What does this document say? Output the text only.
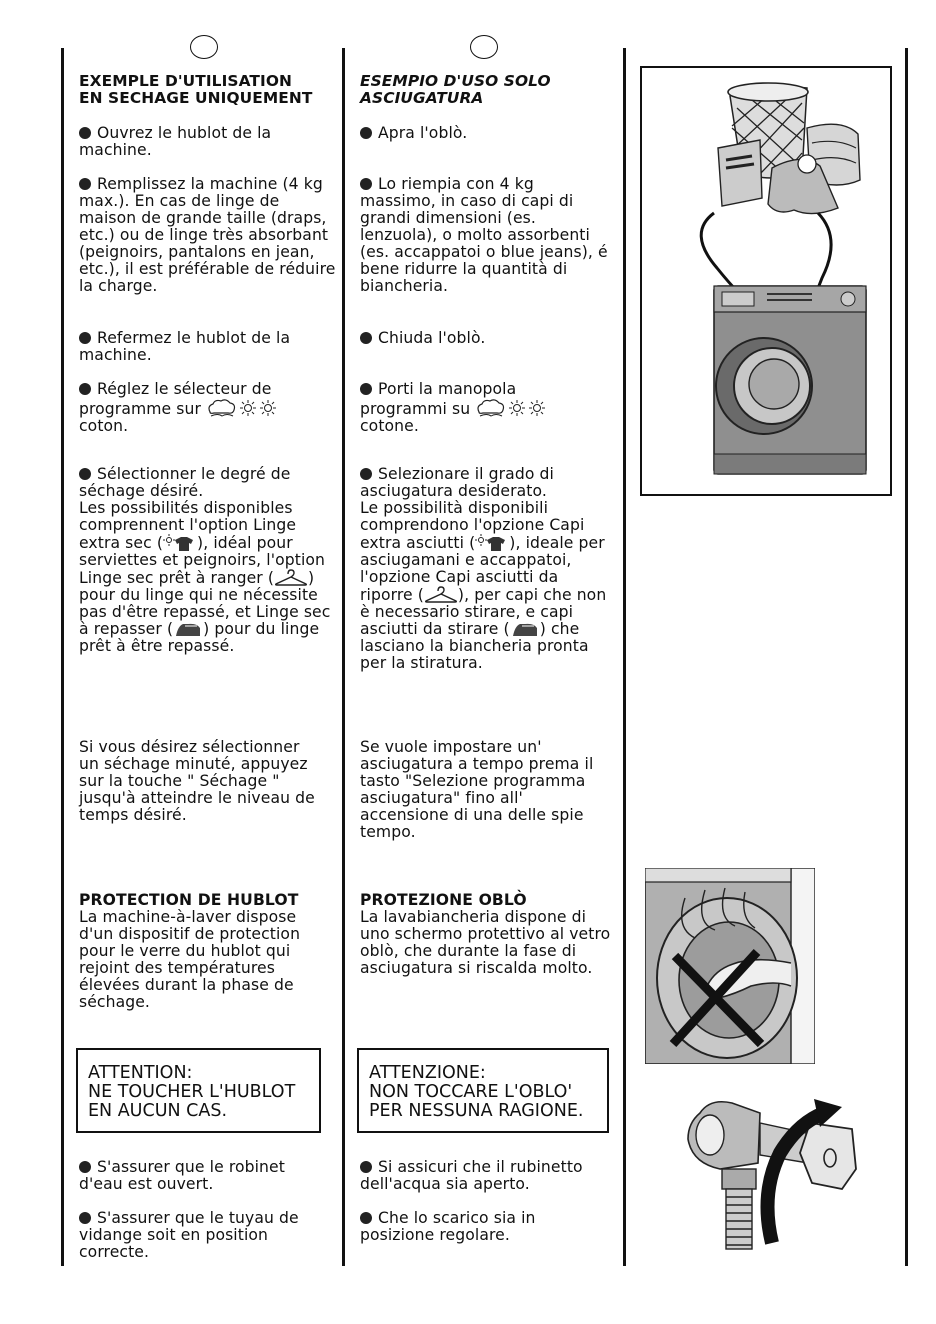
EXEMPLE D'UTILISATION EN SECHAGE UNIQUEMENT

Ouvrez le hublot de la machine.

Remplissez la machine (4 kg max.). En cas de linge de maison de grande taille (draps, etc.) ou de linge très absorbant (peignoirs, pantalons en jean, etc.), il est préférable de réduire la charge.

Refermez le hublot de la machine.

Réglez le sélecteur de programme sur
coton.

Sélectionner le degré de séchage désiré.
Les possibilités disponibles comprennent l'option Linge extra sec ( ), idéal pour serviettes et peignoirs, l'option Linge sec prêt à ranger ( ) pour du linge qui ne nécessite pas d'être repassé, et Linge sec à repasser ( ) pour du linge prêt à être repassé.

Si vous désirez sélectionner un séchage minuté, appuyez sur la touche " Séchage " jusqu'à atteindre le niveau de temps désiré.

PROTECTION DE HUBLOT
La machine-à-laver dispose d'un dispositif de protection pour le verre du hublot qui rejoint des températures élevées durant la phase de séchage.

S'assurer que le robinet d'eau est ouvert.

S'assurer que le tuyau de vidange soit en position correcte.

ATTENTION:
NE TOUCHER L'HUBLOT
EN AUCUN CAS.
ESEMPIO D'USO SOLO ASCIUGATURA

Apra l'oblò.

Lo riempia con 4 kg massimo, in caso di capi di grandi dimensioni (es. lenzuola), o molto assorbenti (es. accappatoi o blue jeans), é bene ridurre la quantità di biancheria.

Chiuda l'oblò.

Porti la manopola programmi su
cotone.

Selezionare il grado di asciugatura desiderato.
Le possibilità disponibili comprendono l'opzione Capi extra asciutti ( ), ideale per asciugamani e accappatoi, l'opzione Capi asciutti da riporre ( ), per capi che non è necessario stirare, e capi asciutti da stirare ( ) che lasciano la biancheria pronta per la stiratura.

Se vuole impostare un' asciugatura a tempo prema il tasto "Selezione programma asciugatura" fino all' accensione di una delle spie tempo.

PROTEZIONE OBLÒ
La lavabiancheria dispone di uno schermo protettivo al vetro oblò, che durante la fase di asciugatura si riscalda molto.

Si assicuri che il rubinetto dell'acqua sia aperto.

Che lo scarico sia in posizione regolare.

ATTENZIONE:
NON TOCCARE L'OBLO'
PER NESSUNA RAGIONE.
